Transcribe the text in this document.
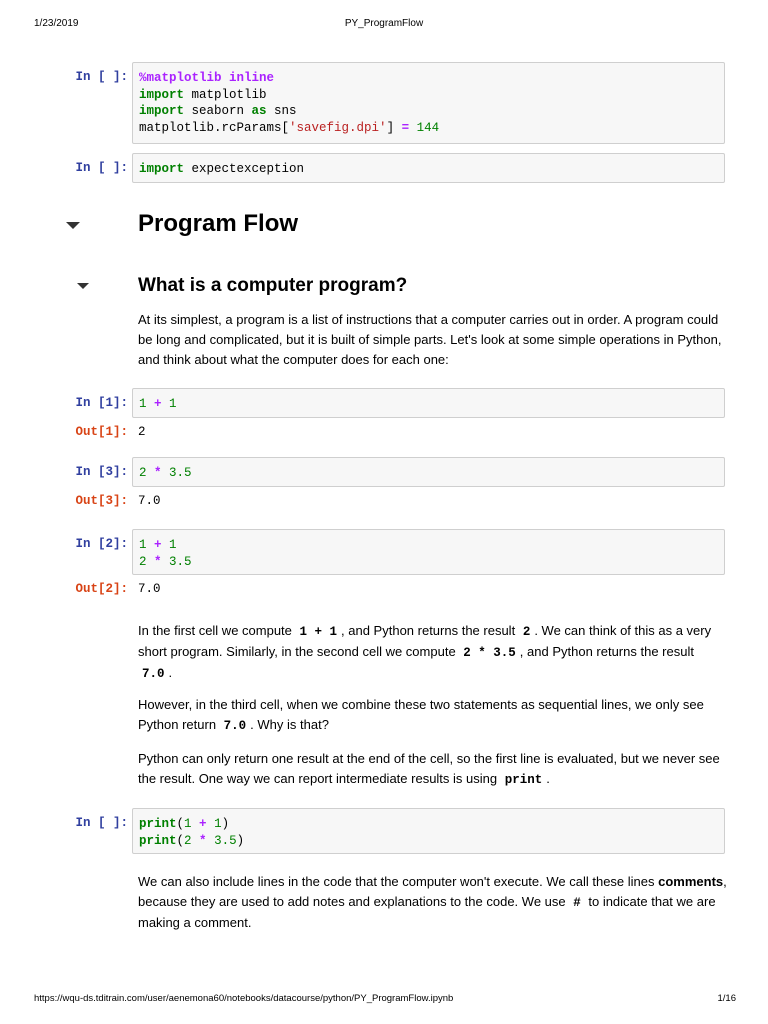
1/23/2019	PY_ProgramFlow
In [ ]: %matplotlib inline
import matplotlib
import seaborn as sns
matplotlib.rcParams['savefig.dpi'] = 144
In [ ]: import expectexception
Program Flow
What is a computer program?
At its simplest, a program is a list of instructions that a computer carries out in order. A program could be long and complicated, but it is built of simple parts. Let's look at some simple operations in Python, and think about what the computer does for each one:
In [1]: 1 + 1
Out[1]: 2
In [3]: 2 * 3.5
Out[3]: 7.0
In [2]: 1 + 1
2 * 3.5
Out[2]: 7.0
In the first cell we compute 1 + 1 , and Python returns the result 2 . We can think of this as a very short program. Similarly, in the second cell we compute 2 * 3.5 , and Python returns the result 7.0 .
However, in the third cell, when we combine these two statements as sequential lines, we only see Python return 7.0 . Why is that?
Python can only return one result at the end of the cell, so the first line is evaluated, but we never see the result. One way we can report intermediate results is using print .
In [ ]: print(1 + 1)
print(2 * 3.5)
We can also include lines in the code that the computer won't execute. We call these lines comments, because they are used to add notes and explanations to the code. We use # to indicate that we are making a comment.
https://wqu-ds.tditrain.com/user/aenemona60/notebooks/datacourse/python/PY_ProgramFlow.ipynb	1/16
